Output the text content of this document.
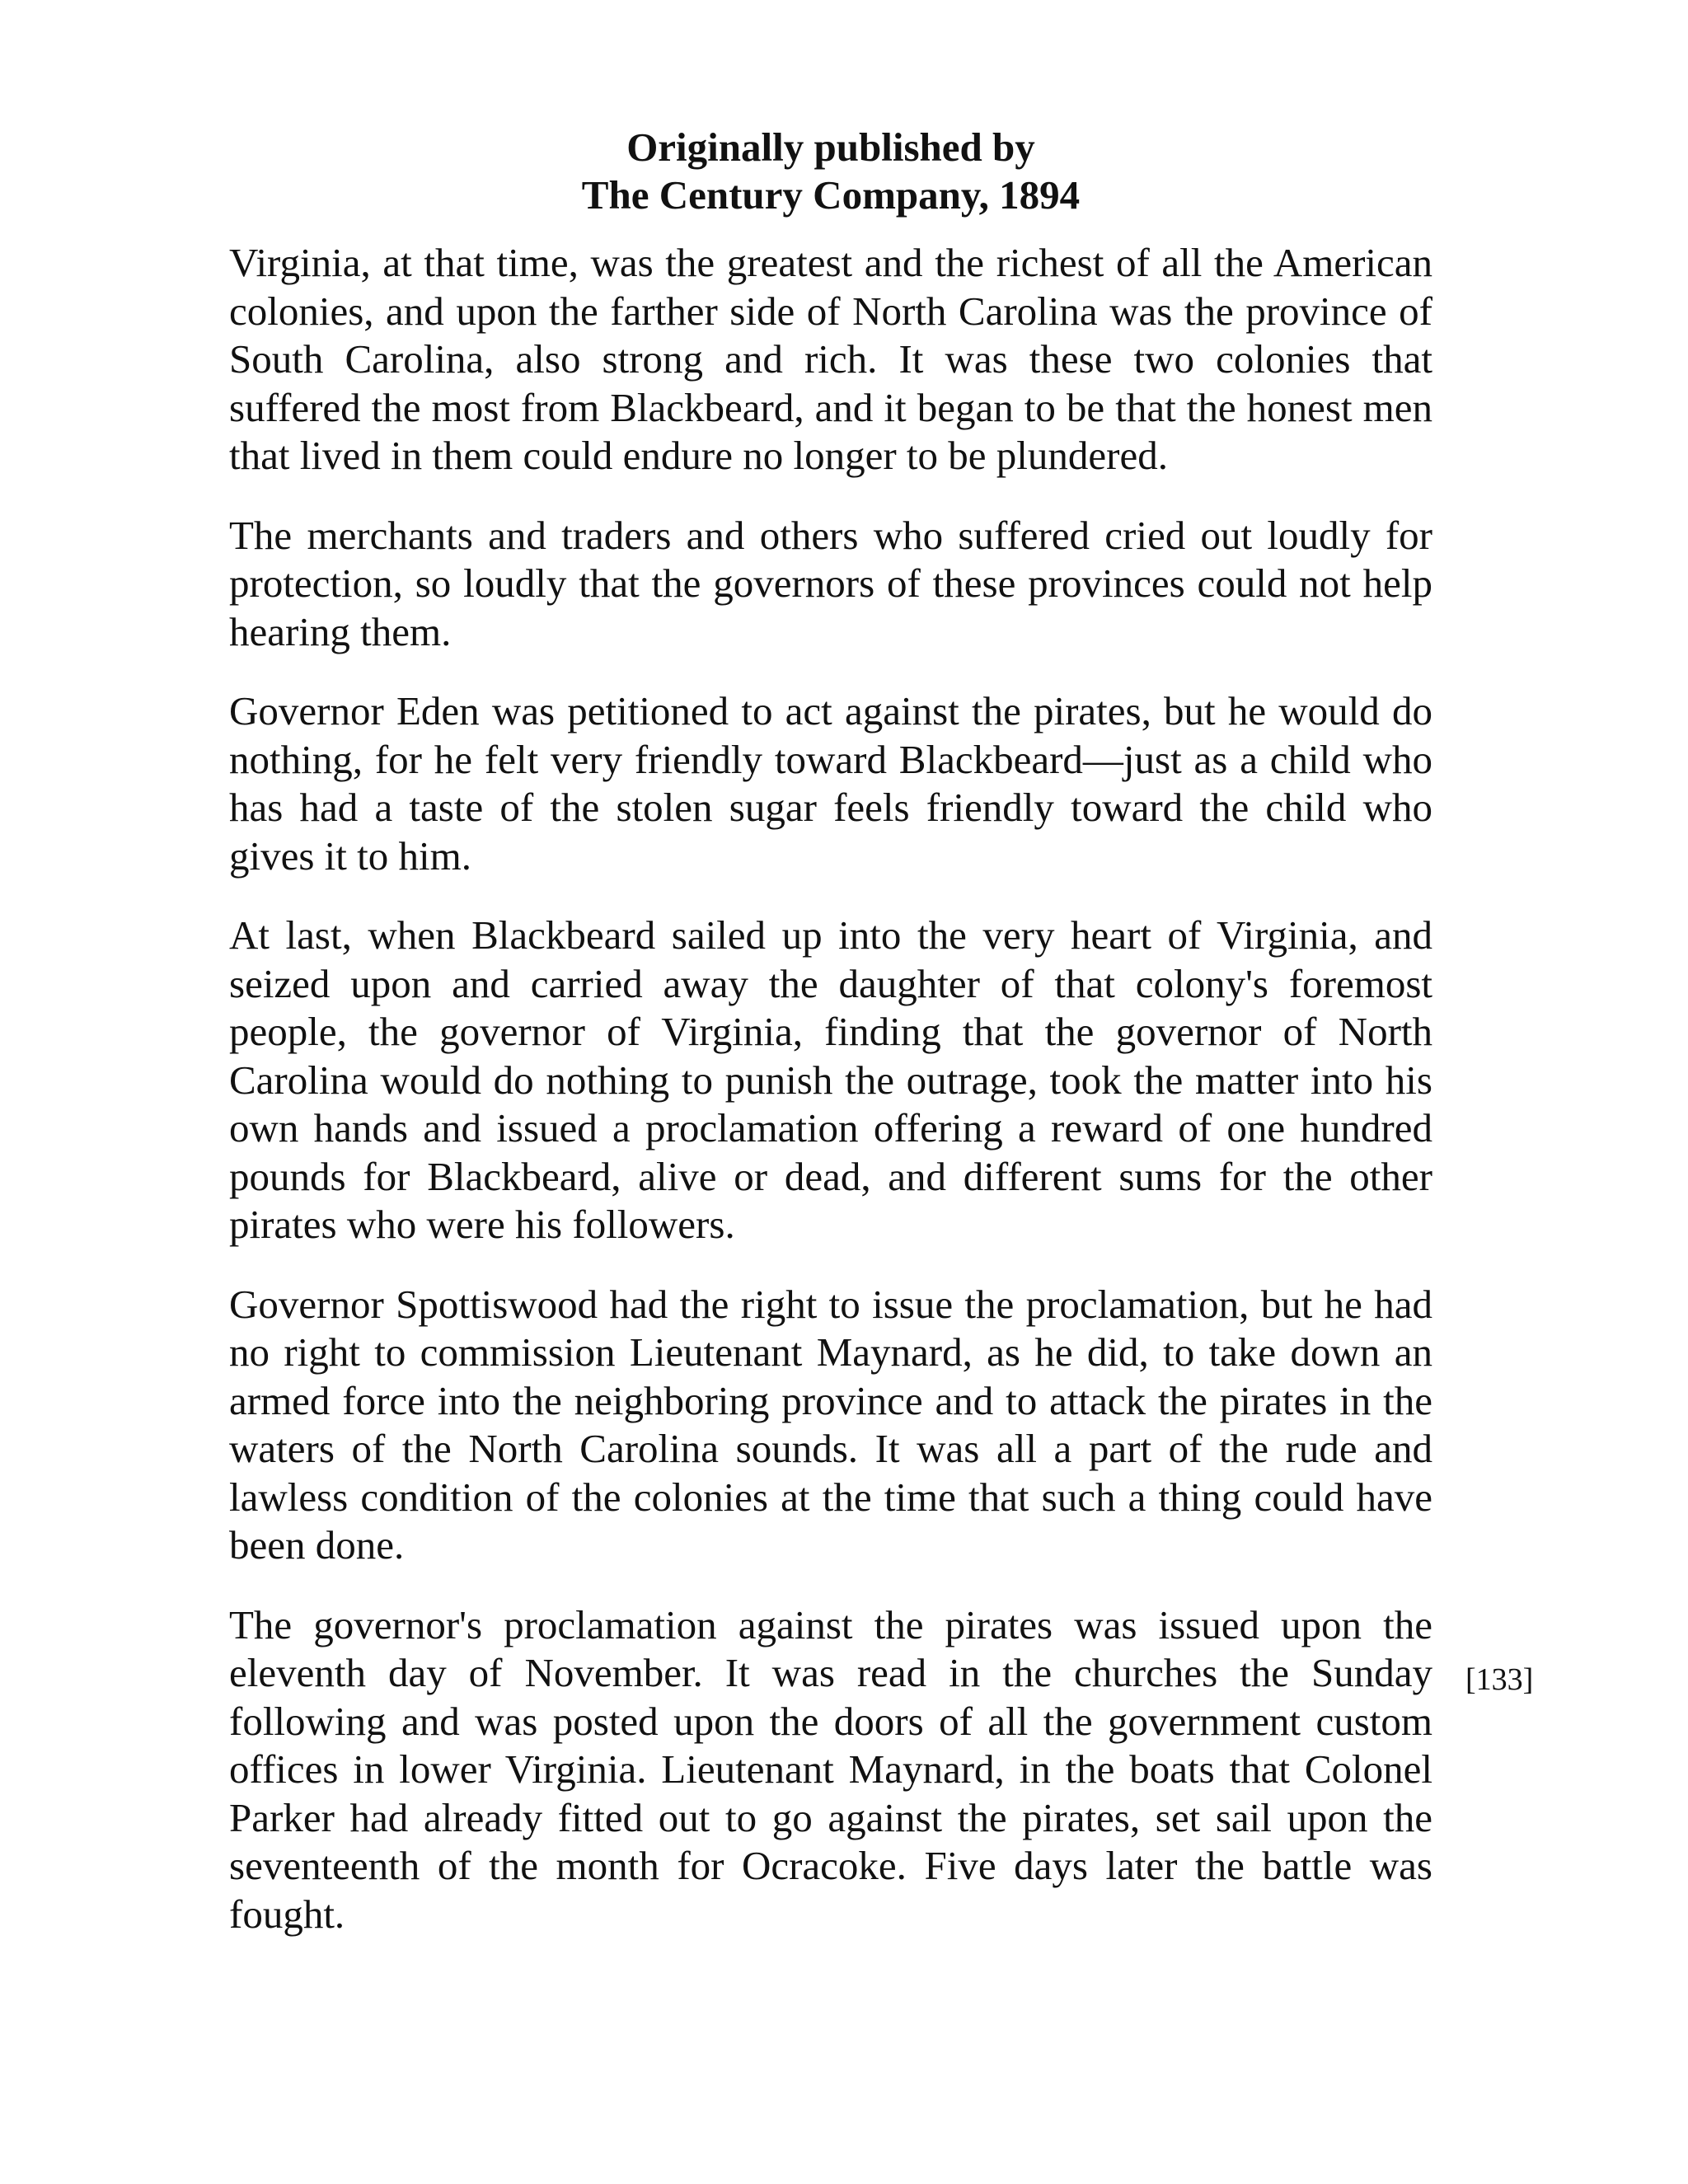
Originally published by
The Century Company, 1894

Virginia, at that time, was the greatest and the richest of all the American colonies, and upon the farther side of North Carolina was the province of South Carolina, also strong and rich. It was these two colonies that suffered the most from Blackbeard, and it began to be that the honest men that lived in them could endure no longer to be plundered.

The merchants and traders and others who suffered cried out loudly for protection, so loudly that the governors of these provinces could not help hearing them.

Governor Eden was petitioned to act against the pirates, but he would do nothing, for he felt very friendly toward Blackbeard—just as a child who has had a taste of the stolen sugar feels friendly toward the child who gives it to him.

At last, when Blackbeard sailed up into the very heart of Virginia, and seized upon and carried away the daughter of that colony's foremost people, the governor of Virginia, finding that the governor of North Carolina would do nothing to punish the outrage, took the matter into his own hands and issued a proclamation offering a reward of one hundred pounds for Blackbeard, alive or dead, and different sums for the other pirates who were his followers.

Governor Spottiswood had the right to issue the proclamation, but he had no right to commission Lieutenant Maynard, as he did, to take down an armed force into the neighboring province and to attack the pirates in the waters of the North Carolina sounds. It was all a part of the rude and lawless condition of the colonies at the time that such a thing could have been done.

The governor's proclamation against the pirates was issued upon the eleventh day of November. It was read in the churches the Sunday following and was posted upon the doors of all the government custom offices in lower Virginia. Lieutenant Maynard, in the boats that Colonel Parker had already fitted out to go against the pirates, set sail upon the seventeenth of the month for Ocracoke. Five days later the battle was fought.

[133]
